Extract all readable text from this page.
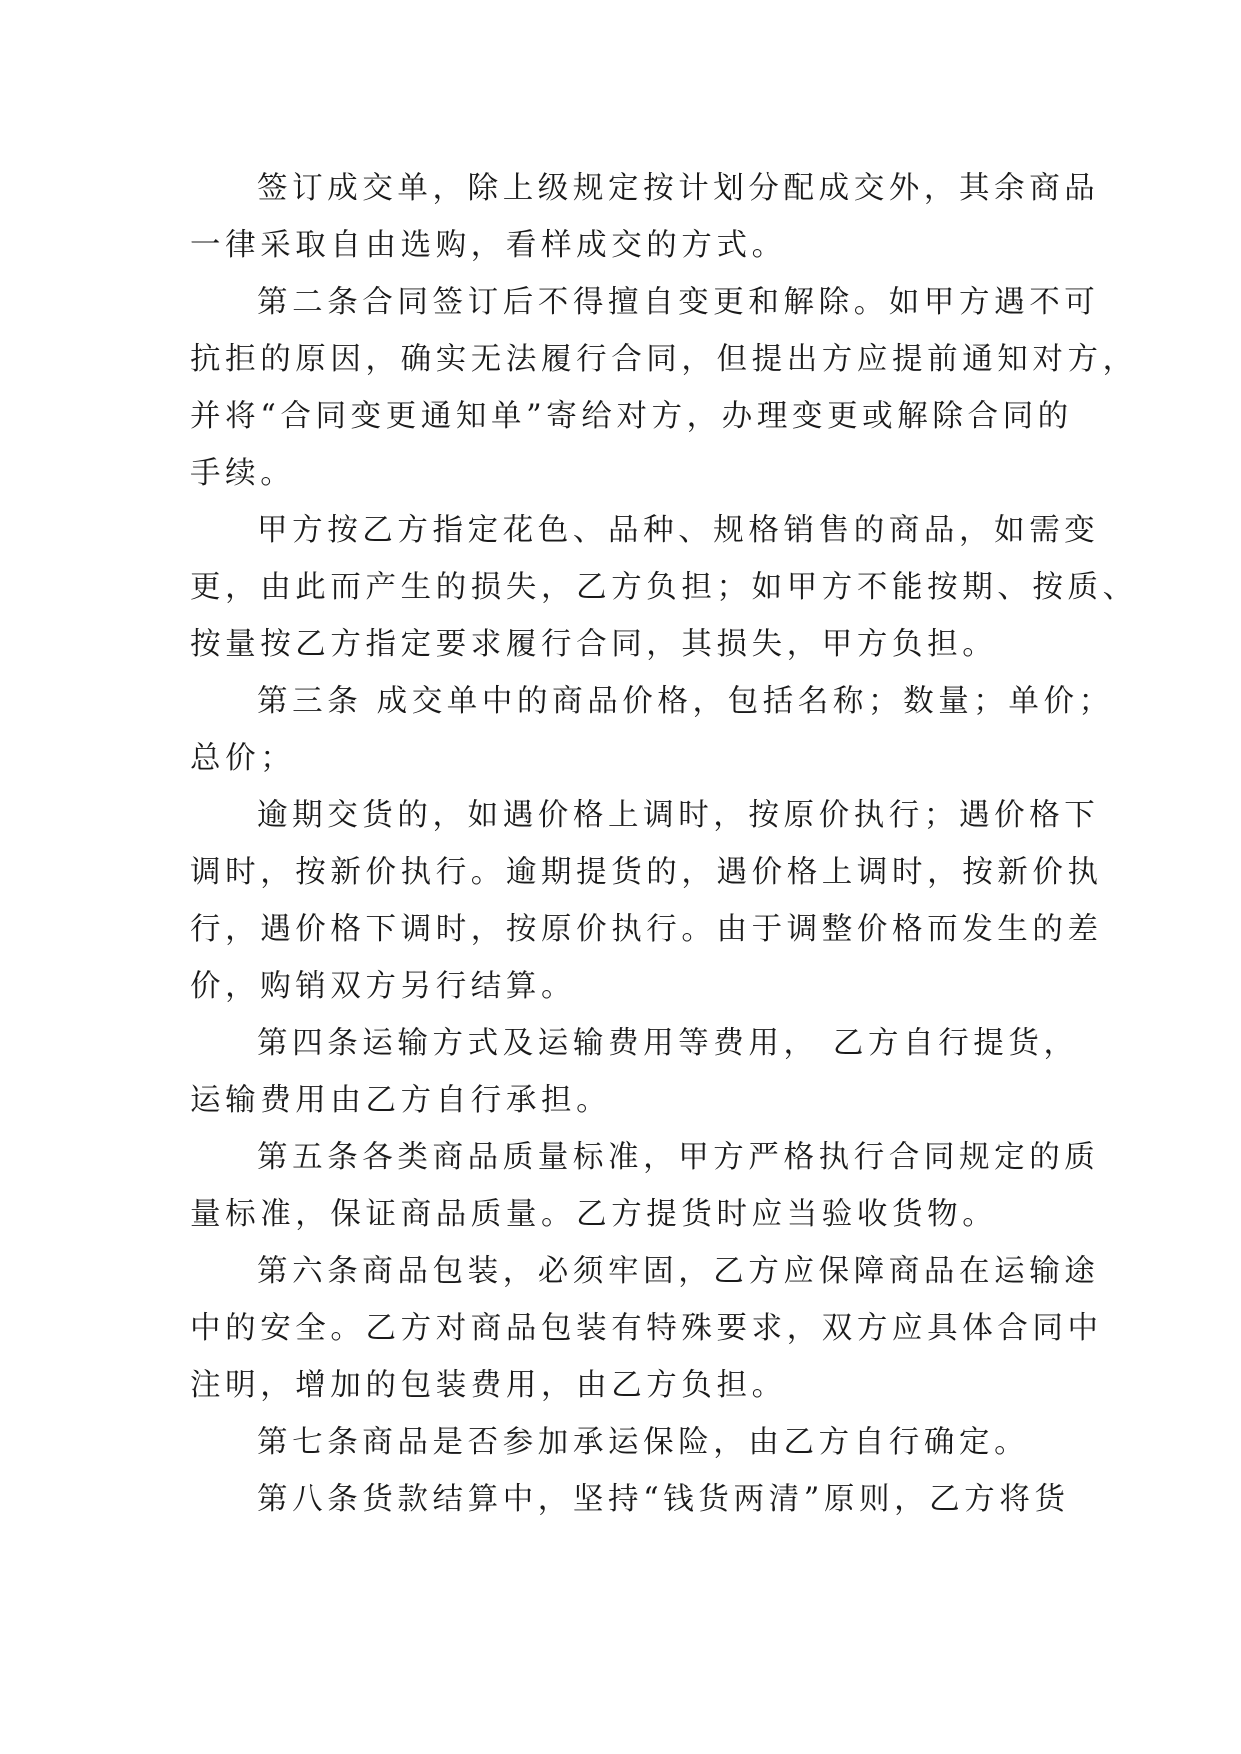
签订成交单，除上级规定按计划分配成交外，其余商品
一律采取自由选购，看样成交的方式。

第二条合同签订后不得擅自变更和解除。如甲方遇不可
抗拒的原因，确实无法履行合同，但提出方应提前通知对方，
并将“合同变更通知单”寄给对方，办理变更或解除合同的
手续。

甲方按乙方指定花色、品种、规格销售的商品，如需变
更，由此而产生的损失，乙方负担；如甲方不能按期、按质、
按量按乙方指定要求履行合同，其损失，甲方负担。

第三条 成交单中的商品价格，包括名称；数量；单价；
总价；

逾期交货的，如遇价格上调时，按原价执行；遇价格下
调时，按新价执行。逾期提货的，遇价格上调时，按新价执
行，遇价格下调时，按原价执行。由于调整价格而发生的差
价，购销双方另行结算。

第四条运输方式及运输费用等费用， 乙方自行提货，
运输费用由乙方自行承担。

第五条各类商品质量标准，甲方严格执行合同规定的质
量标准，保证商品质量。乙方提货时应当验收货物。

第六条商品包装，必须牢固，乙方应保障商品在运输途
中的安全。乙方对商品包装有特殊要求，双方应具体合同中
注明，增加的包装费用，由乙方负担。

第七条商品是否参加承运保险，由乙方自行确定。

第八条货款结算中，坚持“钱货两清”原则，乙方将货
